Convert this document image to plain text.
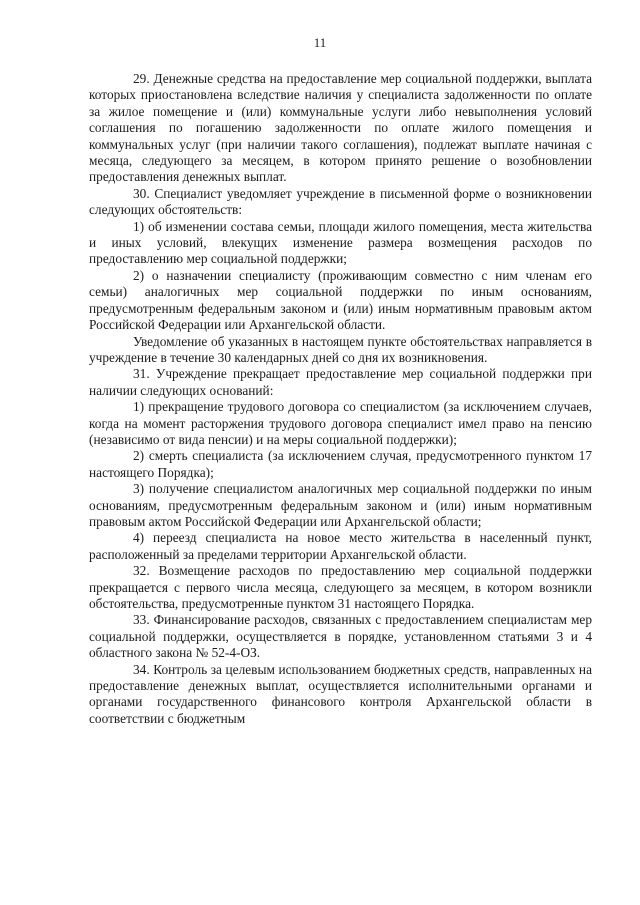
11

29. Денежные средства на предоставление мер социальной поддержки, выплата которых приостановлена вследствие наличия у специалиста задолженности по оплате за жилое помещение и (или) коммунальные услуги либо невыполнения условий соглашения по погашению задолженности по оплате жилого помещения и коммунальных услуг (при наличии такого соглашения), подлежат выплате начиная с месяца, следующего за месяцем, в котором принято решение о возобновлении предоставления денежных выплат.

30. Специалист уведомляет учреждение в письменной форме о возникновении следующих обстоятельств:

1) об изменении состава семьи, площади жилого помещения, места жительства и иных условий, влекущих изменение размера возмещения расходов по предоставлению мер социальной поддержки;

2) о назначении специалисту (проживающим совместно с ним членам его семьи) аналогичных мер социальной поддержки по иным основаниям, предусмотренным федеральным законом и (или) иным нормативным правовым актом Российской Федерации или Архангельской области.

Уведомление об указанных в настоящем пункте обстоятельствах направляется в учреждение в течение 30 календарных дней со дня их возникновения.

31. Учреждение прекращает предоставление мер социальной поддержки при наличии следующих оснований:

1) прекращение трудового договора со специалистом (за исключением случаев, когда на момент расторжения трудового договора специалист имел право на пенсию (независимо от вида пенсии) и на меры социальной поддержки);

2) смерть специалиста (за исключением случая, предусмотренного пунктом 17 настоящего Порядка);

3) получение специалистом аналогичных мер социальной поддержки по иным основаниям, предусмотренным федеральным законом и (или) иным нормативным правовым актом Российской Федерации или Архангельской области;

4) переезд специалиста на новое место жительства в населенный пункт, расположенный за пределами территории Архангельской области.

32. Возмещение расходов по предоставлению мер социальной поддержки прекращается с первого числа месяца, следующего за месяцем, в котором возникли обстоятельства, предусмотренные пунктом 31 настоящего Порядка.

33. Финансирование расходов, связанных с предоставлением специалистам мер социальной поддержки, осуществляется в порядке, установленном статьями 3 и 4 областного закона № 52-4-ОЗ.

34. Контроль за целевым использованием бюджетных средств, направленных на предоставление денежных выплат, осуществляется исполнительными органами и органами государственного финансового контроля Архангельской области в соответствии с бюджетным
